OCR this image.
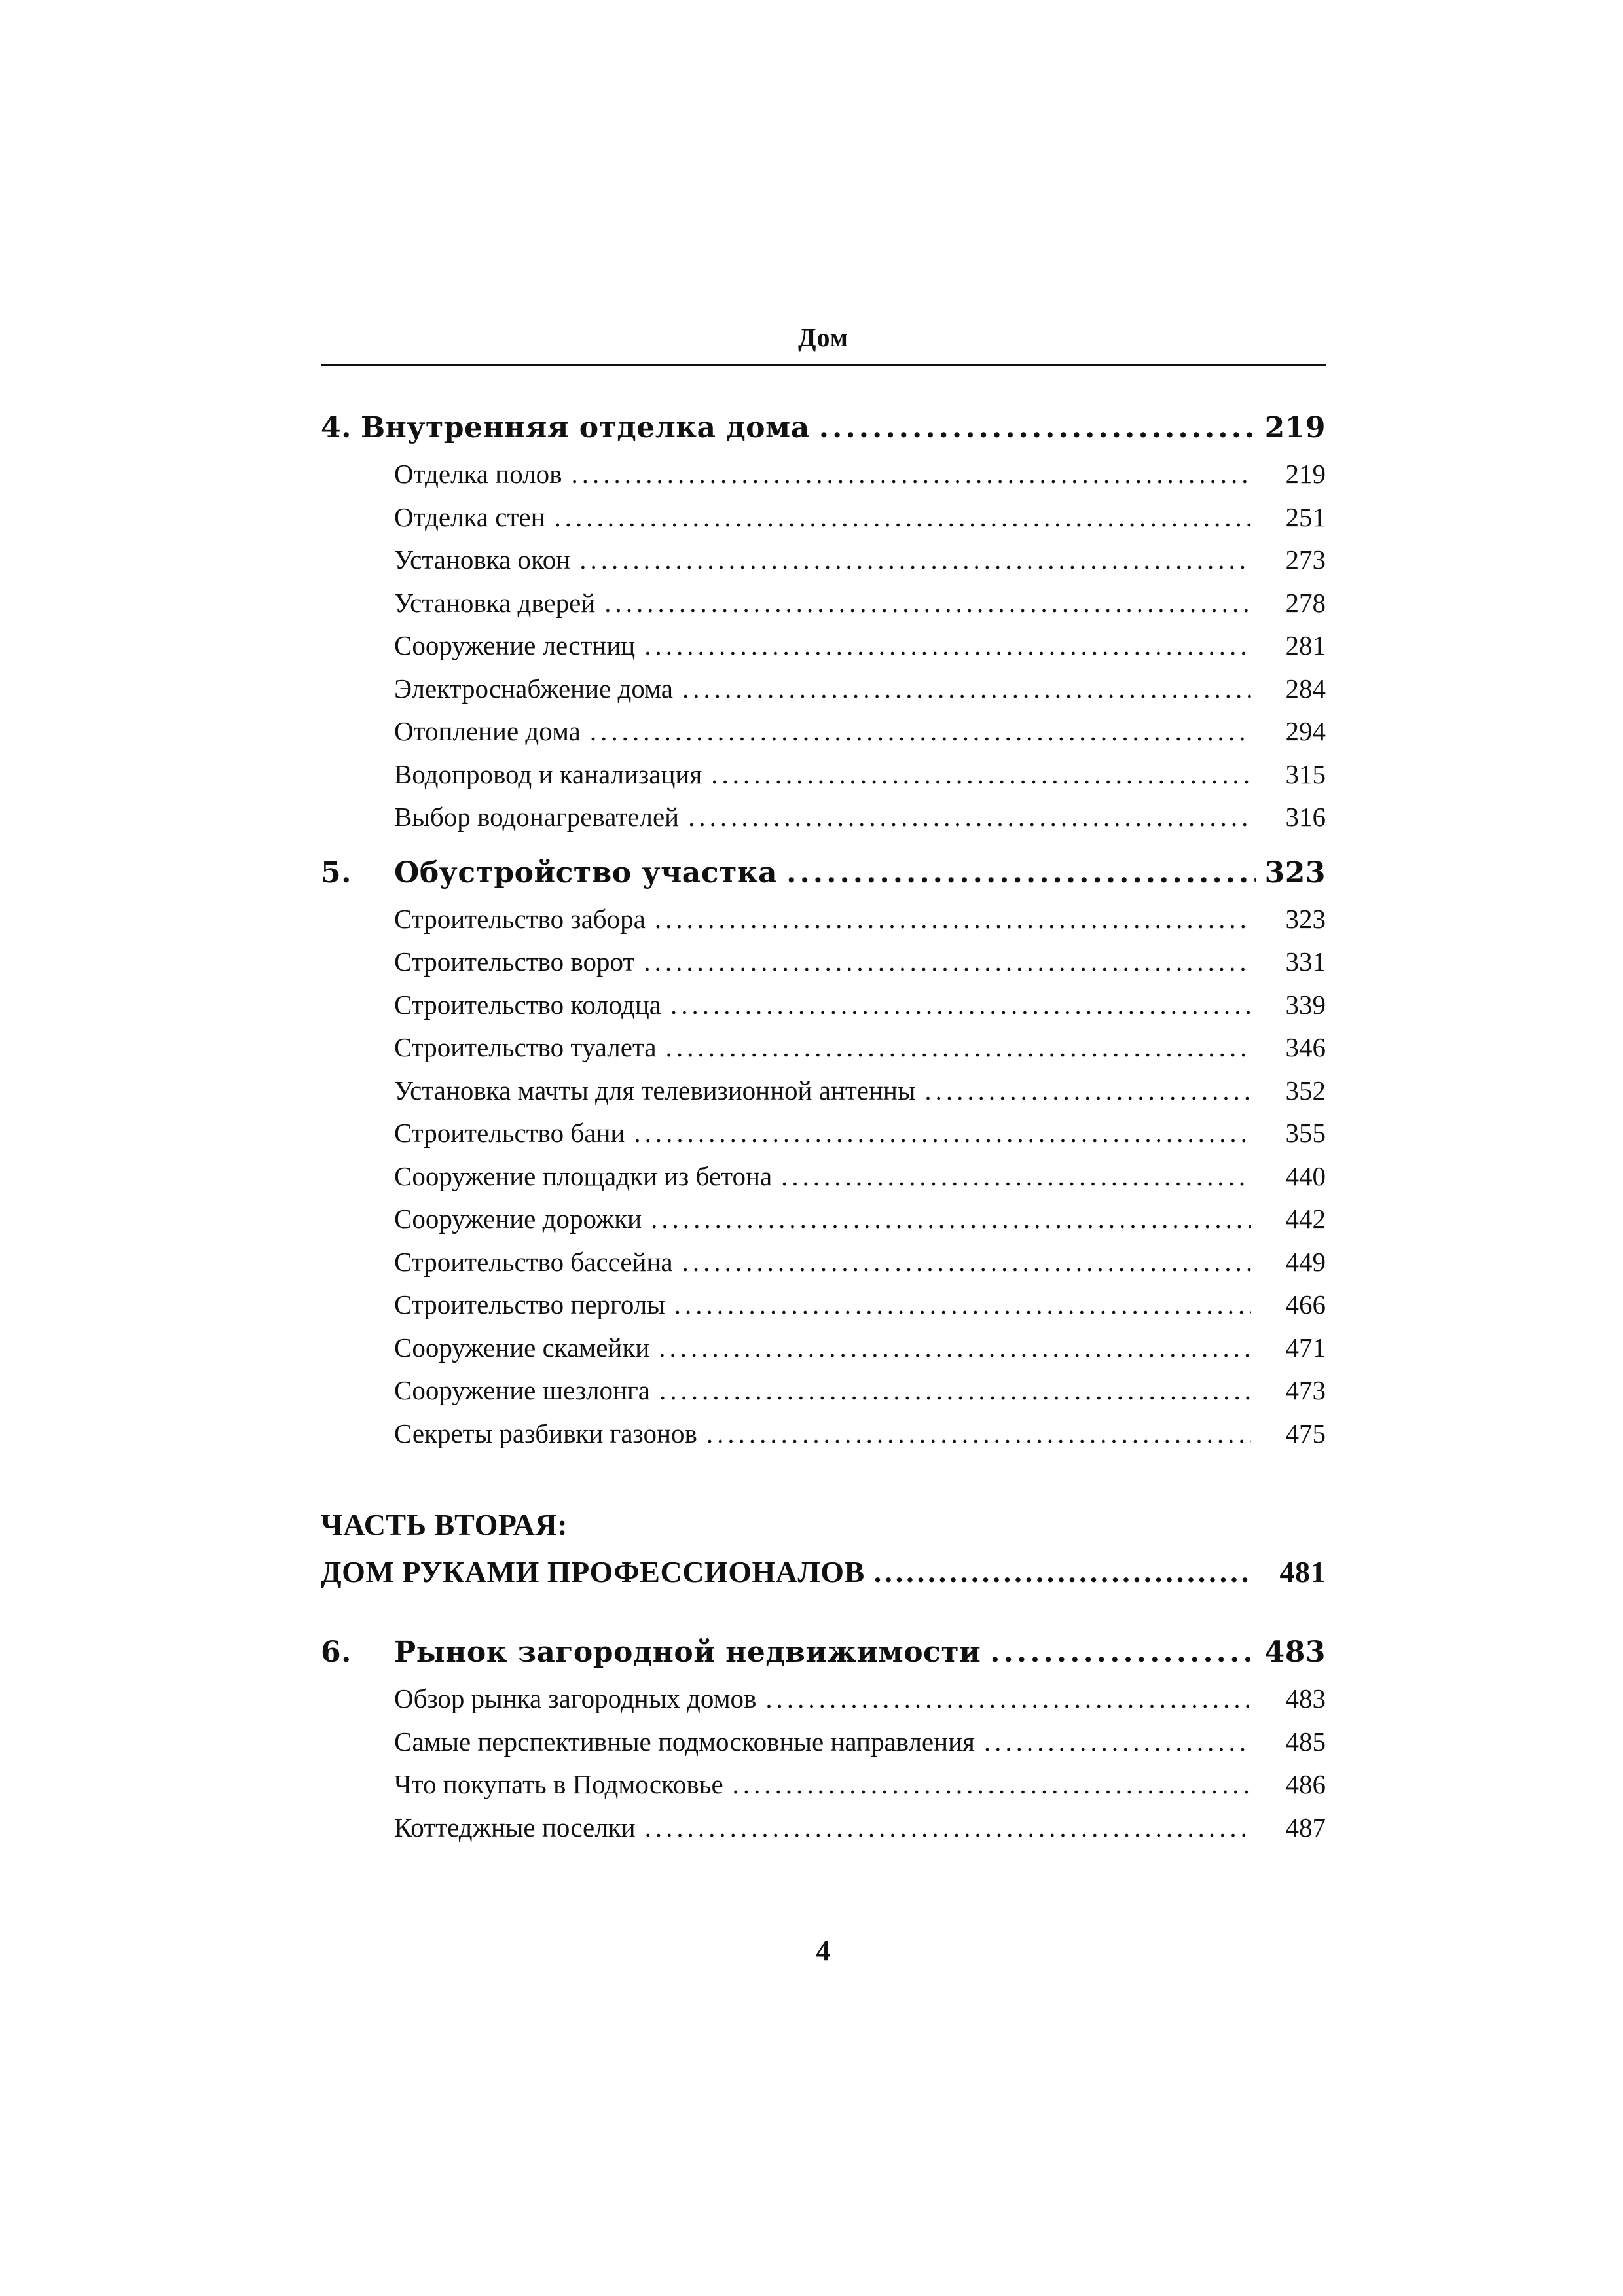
Дом
4. Внутренняя отделка дома .....	219
Отделка полов .....	219
Отделка стен .....	251
Установка окон .....	273
Установка дверей .....	278
Сооружение лестниц .....	281
Электроснабжение дома .....	284
Отопление дома .....	294
Водопровод и канализация .....	315
Выбор водонагревателей .....	316
5.	Обустройство участка .....	323
Строительство забора .....	323
Строительство ворот .....	331
Строительство колодца .....	339
Строительство туалета .....	346
Установка мачты для телевизионной антенны .....	352
Строительство бани .....	355
Сооружение площадки из бетона .....	440
Сооружение дорожки .....	442
Строительство бассейна .....	449
Строительство перголы .....	466
Сооружение скамейки .....	471
Сооружение шезлонга .....	473
Секреты разбивки газонов .....	475
ЧАСТЬ ВТОРАЯ:
ДОМ РУКАМИ ПРОФЕССИОНАЛОВ .....	481
6.	Рынок загородной недвижимости .....	483
Обзор рынка загородных домов .....	483
Самые перспективные подмосковные направления .....	485
Что покупать в Подмосковье .....	486
Коттеджные поселки .....	487
4
